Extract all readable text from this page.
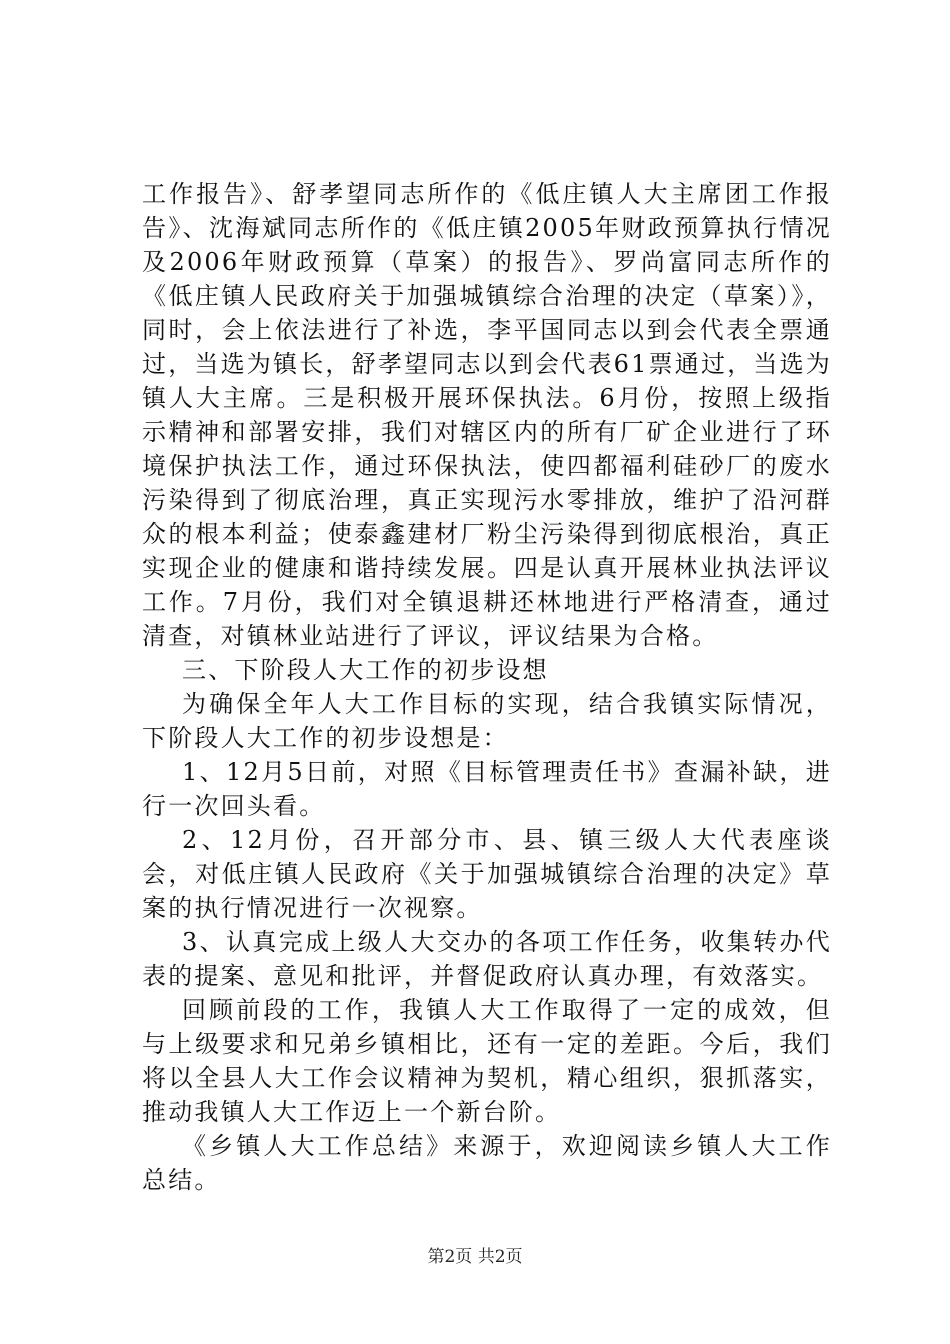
工作报告》、舒孝望同志所作的《低庄镇人大主席团工作报告》、沈海斌同志所作的《低庄镇2005年财政预算执行情况及2006年财政预算（草案）的报告》、罗尚富同志所作的《低庄镇人民政府关于加强城镇综合治理的决定（草案）》，同时，会上依法进行了补选，李平国同志以到会代表全票通过，当选为镇长，舒孝望同志以到会代表61票通过，当选为镇人大主席。三是积极开展环保执法。6月份，按照上级指示精神和部署安排，我们对辖区内的所有厂矿企业进行了环境保护执法工作，通过环保执法，使四都福利硅砂厂的废水污染得到了彻底治理，真正实现污水零排放，维护了沿河群众的根本利益；使泰鑫建材厂粉尘污染得到彻底根治，真正实现企业的健康和谐持续发展。四是认真开展林业执法评议工作。7月份，我们对全镇退耕还林地进行严格清查，通过清查，对镇林业站进行了评议，评议结果为合格。

三、下阶段人大工作的初步设想

为确保全年人大工作目标的实现，结合我镇实际情况，下阶段人大工作的初步设想是：

1、12月5日前，对照《目标管理责任书》查漏补缺，进行一次回头看。

2、12月份，召开部分市、县、镇三级人大代表座谈会，对低庄镇人民政府《关于加强城镇综合治理的决定》草案的执行情况进行一次视察。

3、认真完成上级人大交办的各项工作任务，收集转办代表的提案、意见和批评，并督促政府认真办理，有效落实。

回顾前段的工作，我镇人大工作取得了一定的成效，但与上级要求和兄弟乡镇相比，还有一定的差距。今后，我们将以全县人大工作会议精神为契机，精心组织，狠抓落实，推动我镇人大工作迈上一个新台阶。

《乡镇人大工作总结》来源于，欢迎阅读乡镇人大工作总结。

第2页 共2页
